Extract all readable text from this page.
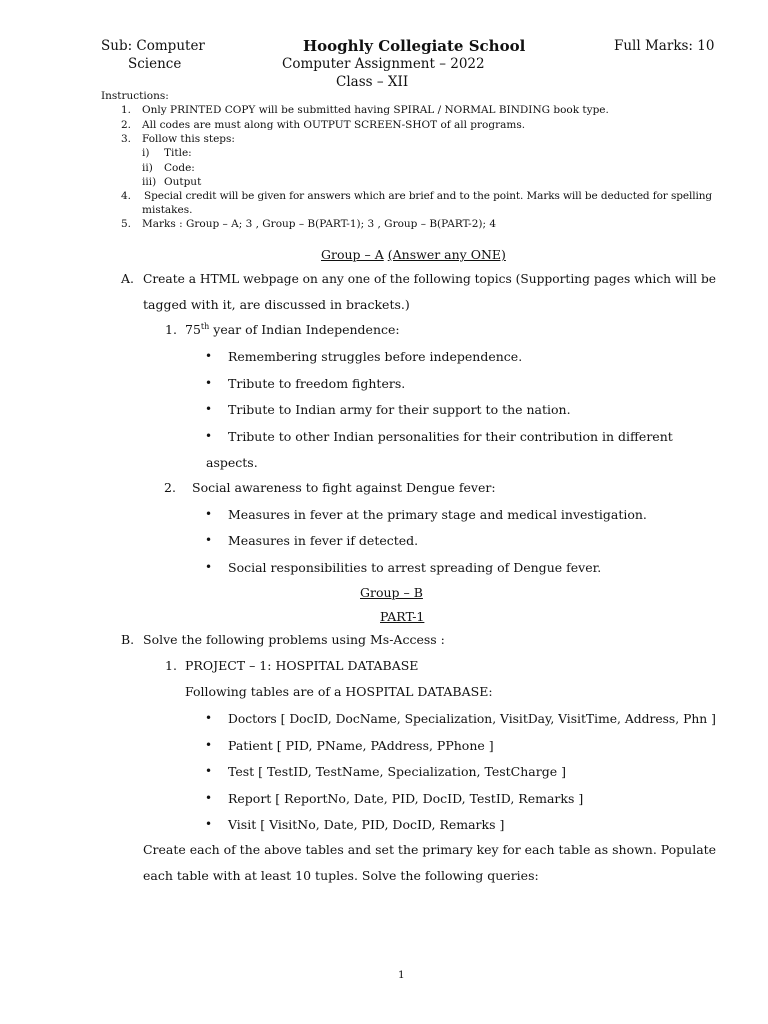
Sub: Computer
Science
Hooghly Collegiate School
Computer Assignment – 2022
Class – XII
Full Marks: 10
Instructions:
1. Only PRINTED COPY will be submitted having SPIRAL / NORMAL BINDING book type.
2. All codes are must along with OUTPUT SCREEN-SHOT of all programs.
3. Follow this steps:
i) Title:
ii) Code:
iii) Output
4. Special credit will be given for answers which are brief and to the point. Marks will be deducted for spelling
mistakes.
5. Marks : Group – A; 3 , Group – B(PART-1); 3 , Group – B(PART-2); 4
Group – A (Answer any ONE)
A. Create a HTML webpage on any one of the following topics (Supporting pages which will be
tagged with it, are discussed in brackets.)
1. 75th year of Indian Independence:
• Remembering struggles before independence.
• Tribute to freedom fighters.
• Tribute to Indian army for their support to the nation.
• Tribute to other Indian personalities for their contribution in different
aspects.
2. Social awareness to fight against Dengue fever:
• Measures in fever at the primary stage and medical investigation.
• Measures in fever if detected.
• Social responsibilities to arrest spreading of Dengue fever.
Group – B
PART-1
B. Solve the following problems using Ms-Access :
1. PROJECT – 1: HOSPITAL DATABASE
Following tables are of a HOSPITAL DATABASE:
• Doctors [ DocID, DocName, Specialization, VisitDay, VisitTime, Address, Phn ]
• Patient [ PID, PName, PAddress, PPhone ]
• Test [ TestID, TestName, Specialization, TestCharge ]
• Report [ ReportNo, Date, PID, DocID, TestID, Remarks ]
• Visit [ VisitNo, Date, PID, DocID, Remarks ]
Create each of the above tables and set the primary key for each table as shown. Populate
each table with at least 10 tuples. Solve the following queries:
1
